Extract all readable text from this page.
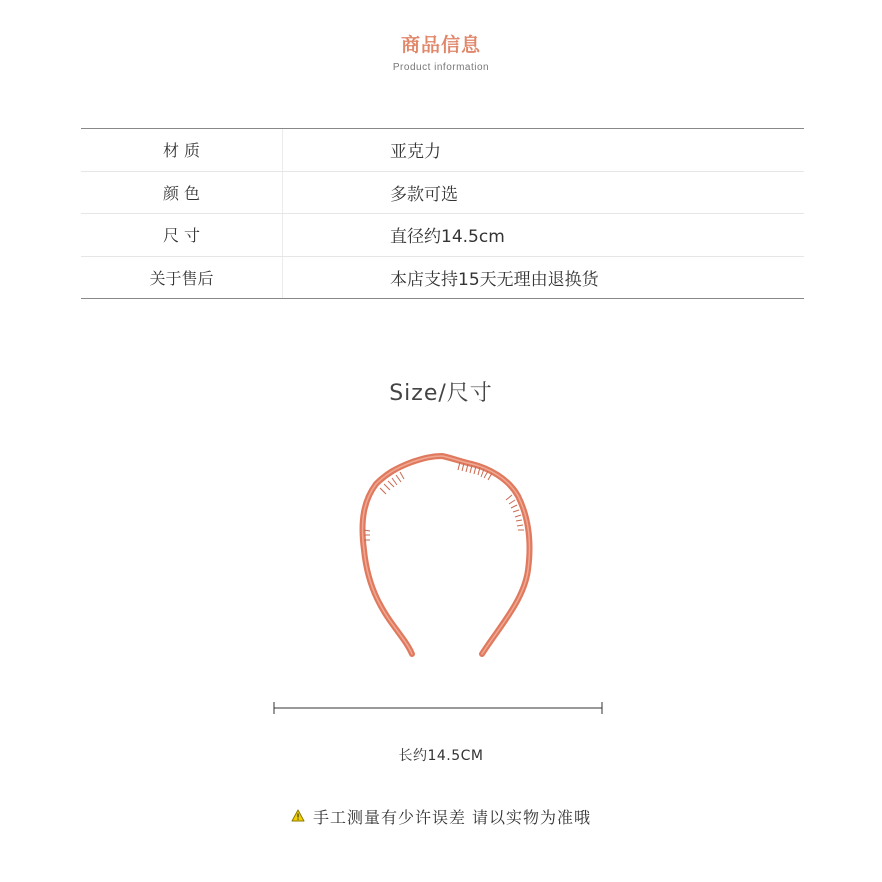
商品信息
Product information
材 质	亚克力
颜 色	多款可选
尺 寸	直径约14.5cm
关于售后	本店支持15天无理由退换货
Size/尺寸
长约14.5CM
手工测量有少许误差 请以实物为准哦
